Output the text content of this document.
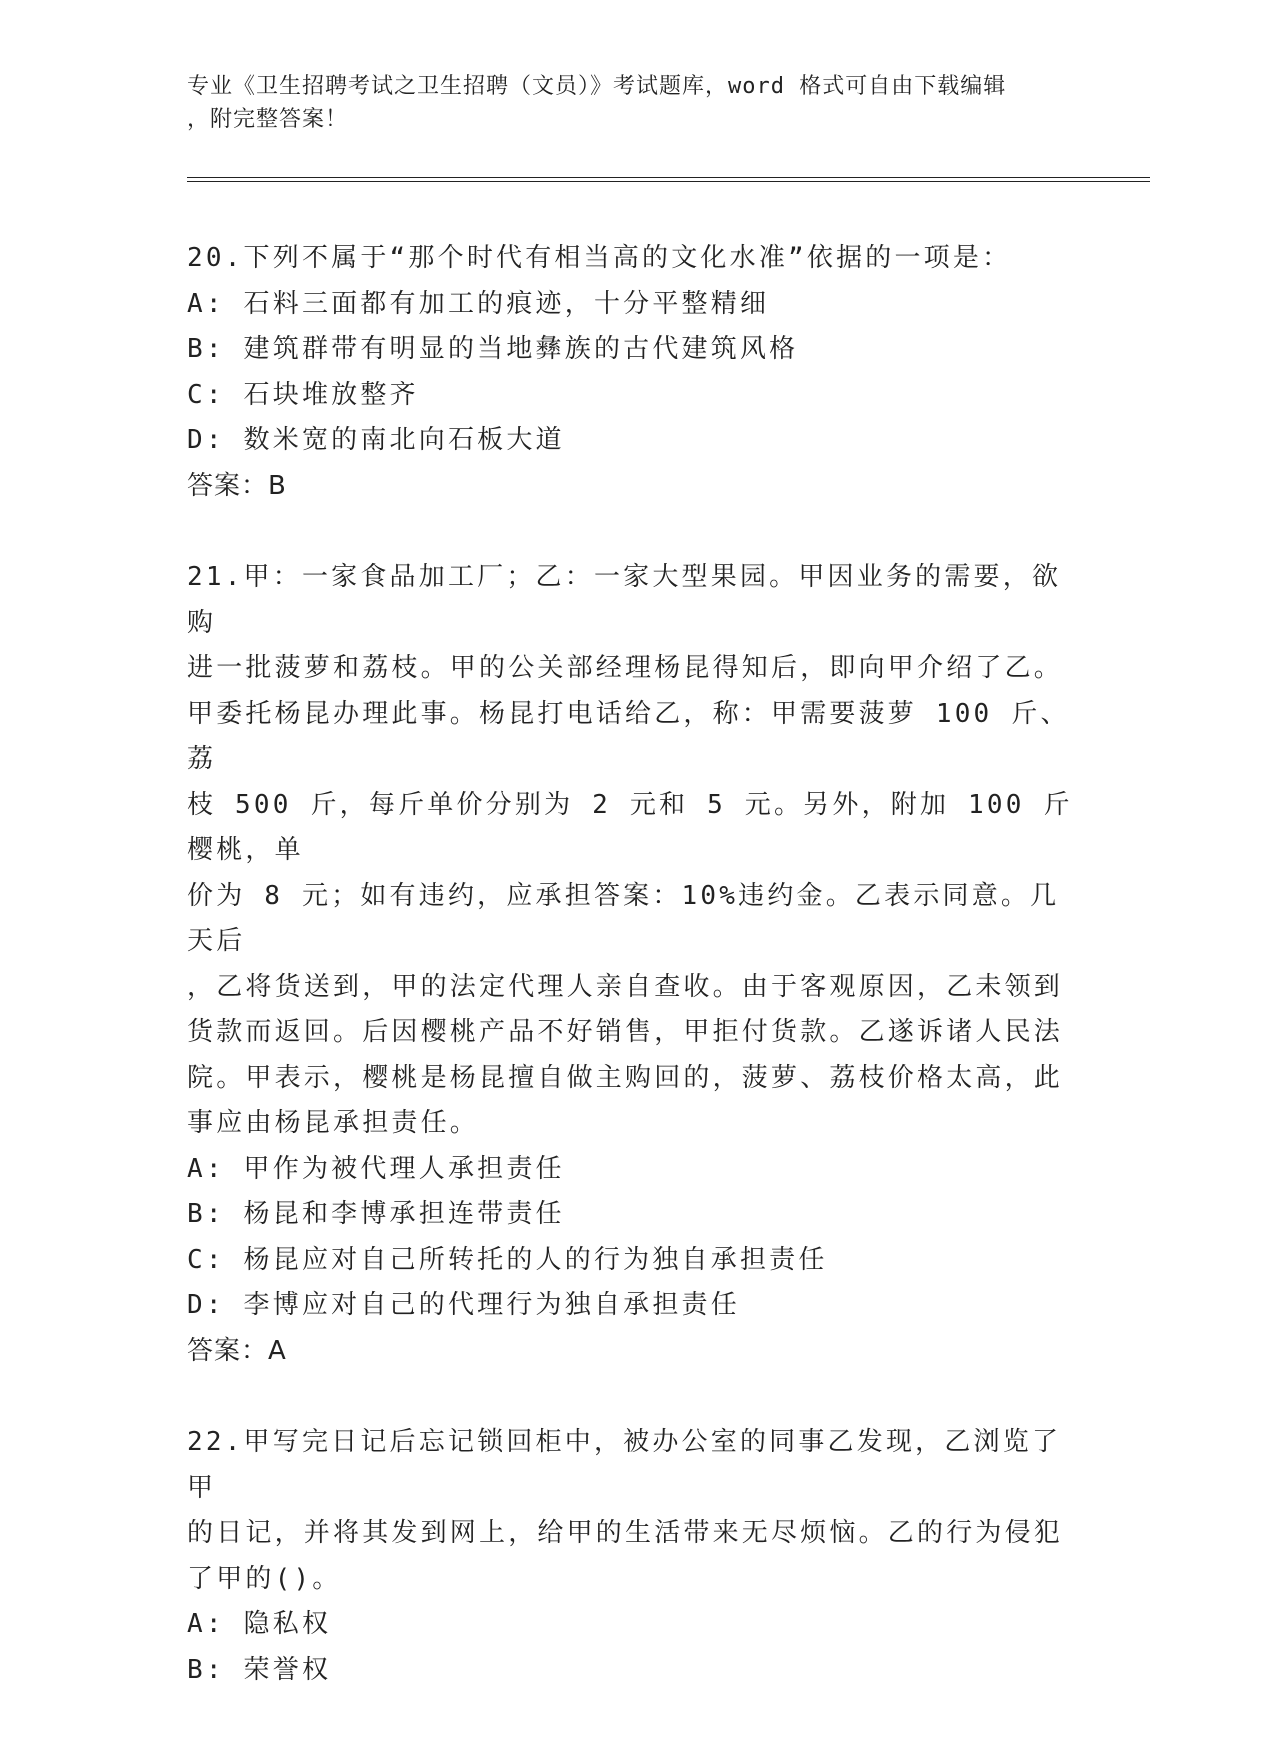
专业《卫生招聘考试之卫生招聘（文员）》考试题库，word 格式可自由下载编辑
，附完整答案！
20.下列不属于“那个时代有相当高的文化水准”依据的一项是：
A: 石料三面都有加工的痕迹，十分平整精细
B: 建筑群带有明显的当地彝族的古代建筑风格
C: 石块堆放整齐
D: 数米宽的南北向石板大道
答案：B
21.甲：一家食品加工厂；乙：一家大型果园。甲因业务的需要，欲购
进一批菠萝和荔枝。甲的公关部经理杨昆得知后，即向甲介绍了乙。
甲委托杨昆办理此事。杨昆打电话给乙，称：甲需要菠萝 100 斤、荔
枝 500 斤，每斤单价分别为 2 元和 5 元。另外，附加 100 斤樱桃，单
价为 8 元；如有违约，应承担答案：10%违约金。乙表示同意。几天后
，乙将货送到，甲的法定代理人亲自查收。由于客观原因，乙未领到
货款而返回。后因樱桃产品不好销售，甲拒付货款。乙遂诉诸人民法
院。甲表示，樱桃是杨昆擅自做主购回的，菠萝、荔枝价格太高，此
事应由杨昆承担责任。
A: 甲作为被代理人承担责任
B: 杨昆和李博承担连带责任
C: 杨昆应对自己所转托的人的行为独自承担责任
D: 李博应对自己的代理行为独自承担责任
答案：A
22.甲写完日记后忘记锁回柜中，被办公室的同事乙发现，乙浏览了甲
的日记，并将其发到网上，给甲的生活带来无尽烦恼。乙的行为侵犯
了甲的()。
A: 隐私权
B: 荣誉权
